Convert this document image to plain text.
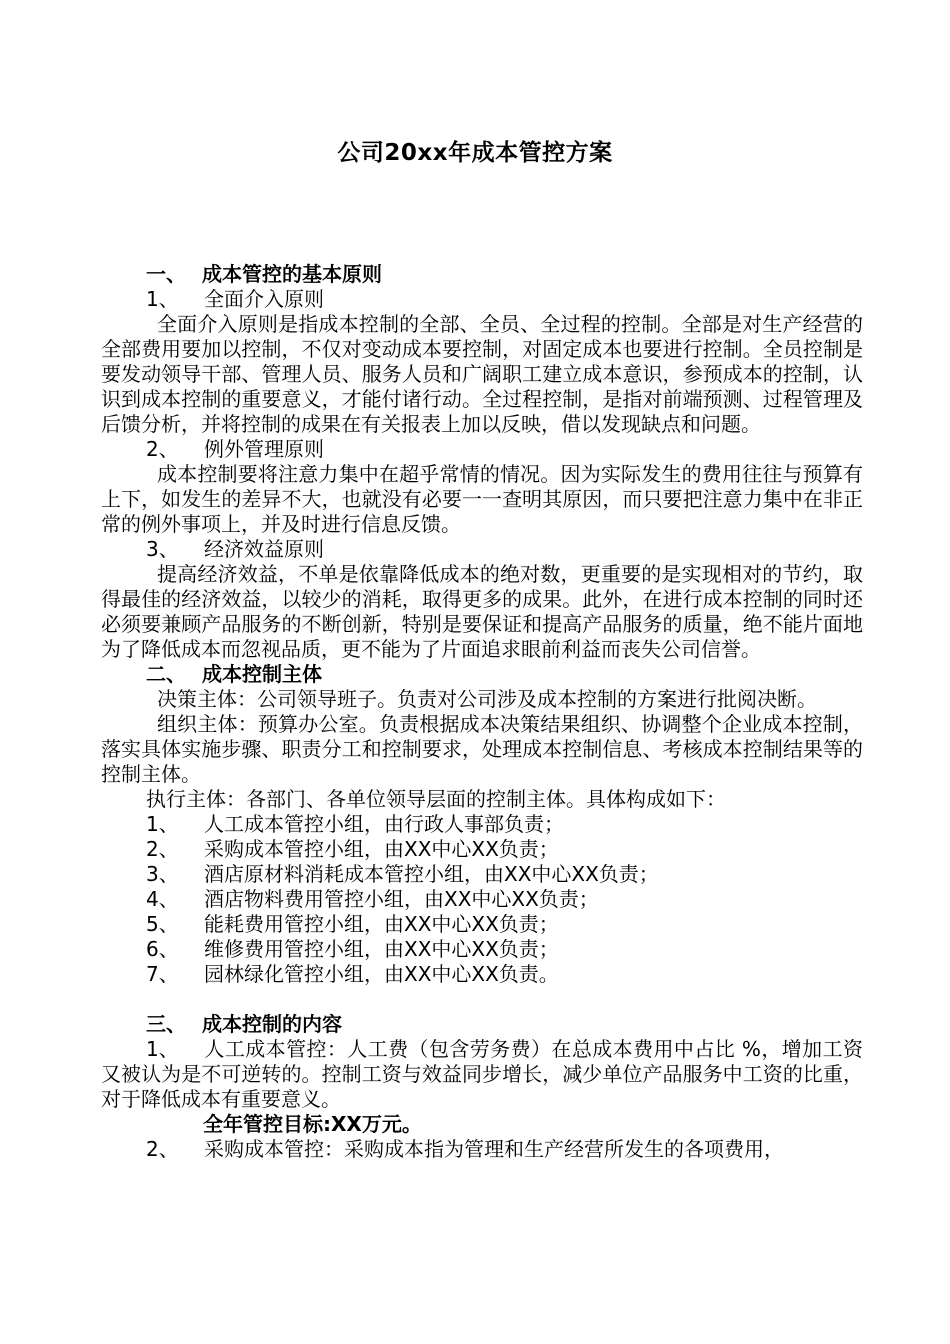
公司20xx年成本管控方案
一、 成本管控的基本原则
1、 全面介入原则
全面介入原则是指成本控制的全部、全员、全过程的控制。全部是对生产经营的全部费用要加以控制，不仅对变动成本要控制，对固定成本也要进行控制。全员控制是要发动领导干部、管理人员、服务人员和广阔职工建立成本意识，参预成本的控制，认识到成本控制的重要意义，才能付诸行动。全过程控制，是指对前端预测、过程管理及后馈分析，并将控制的成果在有关报表上加以反映，借以发现缺点和问题。
2、 例外管理原则
成本控制要将注意力集中在超乎常情的情况。因为实际发生的费用往往与预算有上下，如发生的差异不大，也就没有必要一一查明其原因，而只要把注意力集中在非正常的例外事项上，并及时进行信息反馈。
3、 经济效益原则
提高经济效益，不单是依靠降低成本的绝对数，更重要的是实现相对的节约，取得最佳的经济效益，以较少的消耗，取得更多的成果。此外，在进行成本控制的同时还必须要兼顾产品服务的不断创新，特别是要保证和提高产品服务的质量，绝不能片面地为了降低成本而忽视品质，更不能为了片面追求眼前利益而丧失公司信誉。
二、 成本控制主体
决策主体：公司领导班子。负责对公司涉及成本控制的方案进行批阅决断。
组织主体：预算办公室。负责根据成本决策结果组织、协调整个企业成本控制，落实具体实施步骤、职责分工和控制要求，处理成本控制信息、考核成本控制结果等的控制主体。
执行主体：各部门、各单位领导层面的控制主体。具体构成如下：
1、 人工成本管控小组，由行政人事部负责；
2、 采购成本管控小组，由XX中心XX负责；
3、 酒店原材料消耗成本管控小组，由XX中心XX负责；
4、 酒店物料费用管控小组，由XX中心XX负责；
5、 能耗费用管控小组，由XX中心XX负责；
6、 维修费用管控小组，由XX中心XX负责；
7、 园林绿化管控小组，由XX中心XX负责。
三、 成本控制的内容
1、 人工成本管控：人工费（包含劳务费）在总成本费用中占比 %，增加工资又被认为是不可逆转的。控制工资与效益同步增长，减少单位产品服务中工资的比重，对于降低成本有重要意义。
全年管控目标:XX万元。
2、 采购成本管控：采购成本指为管理和生产经营所发生的各项费用，
